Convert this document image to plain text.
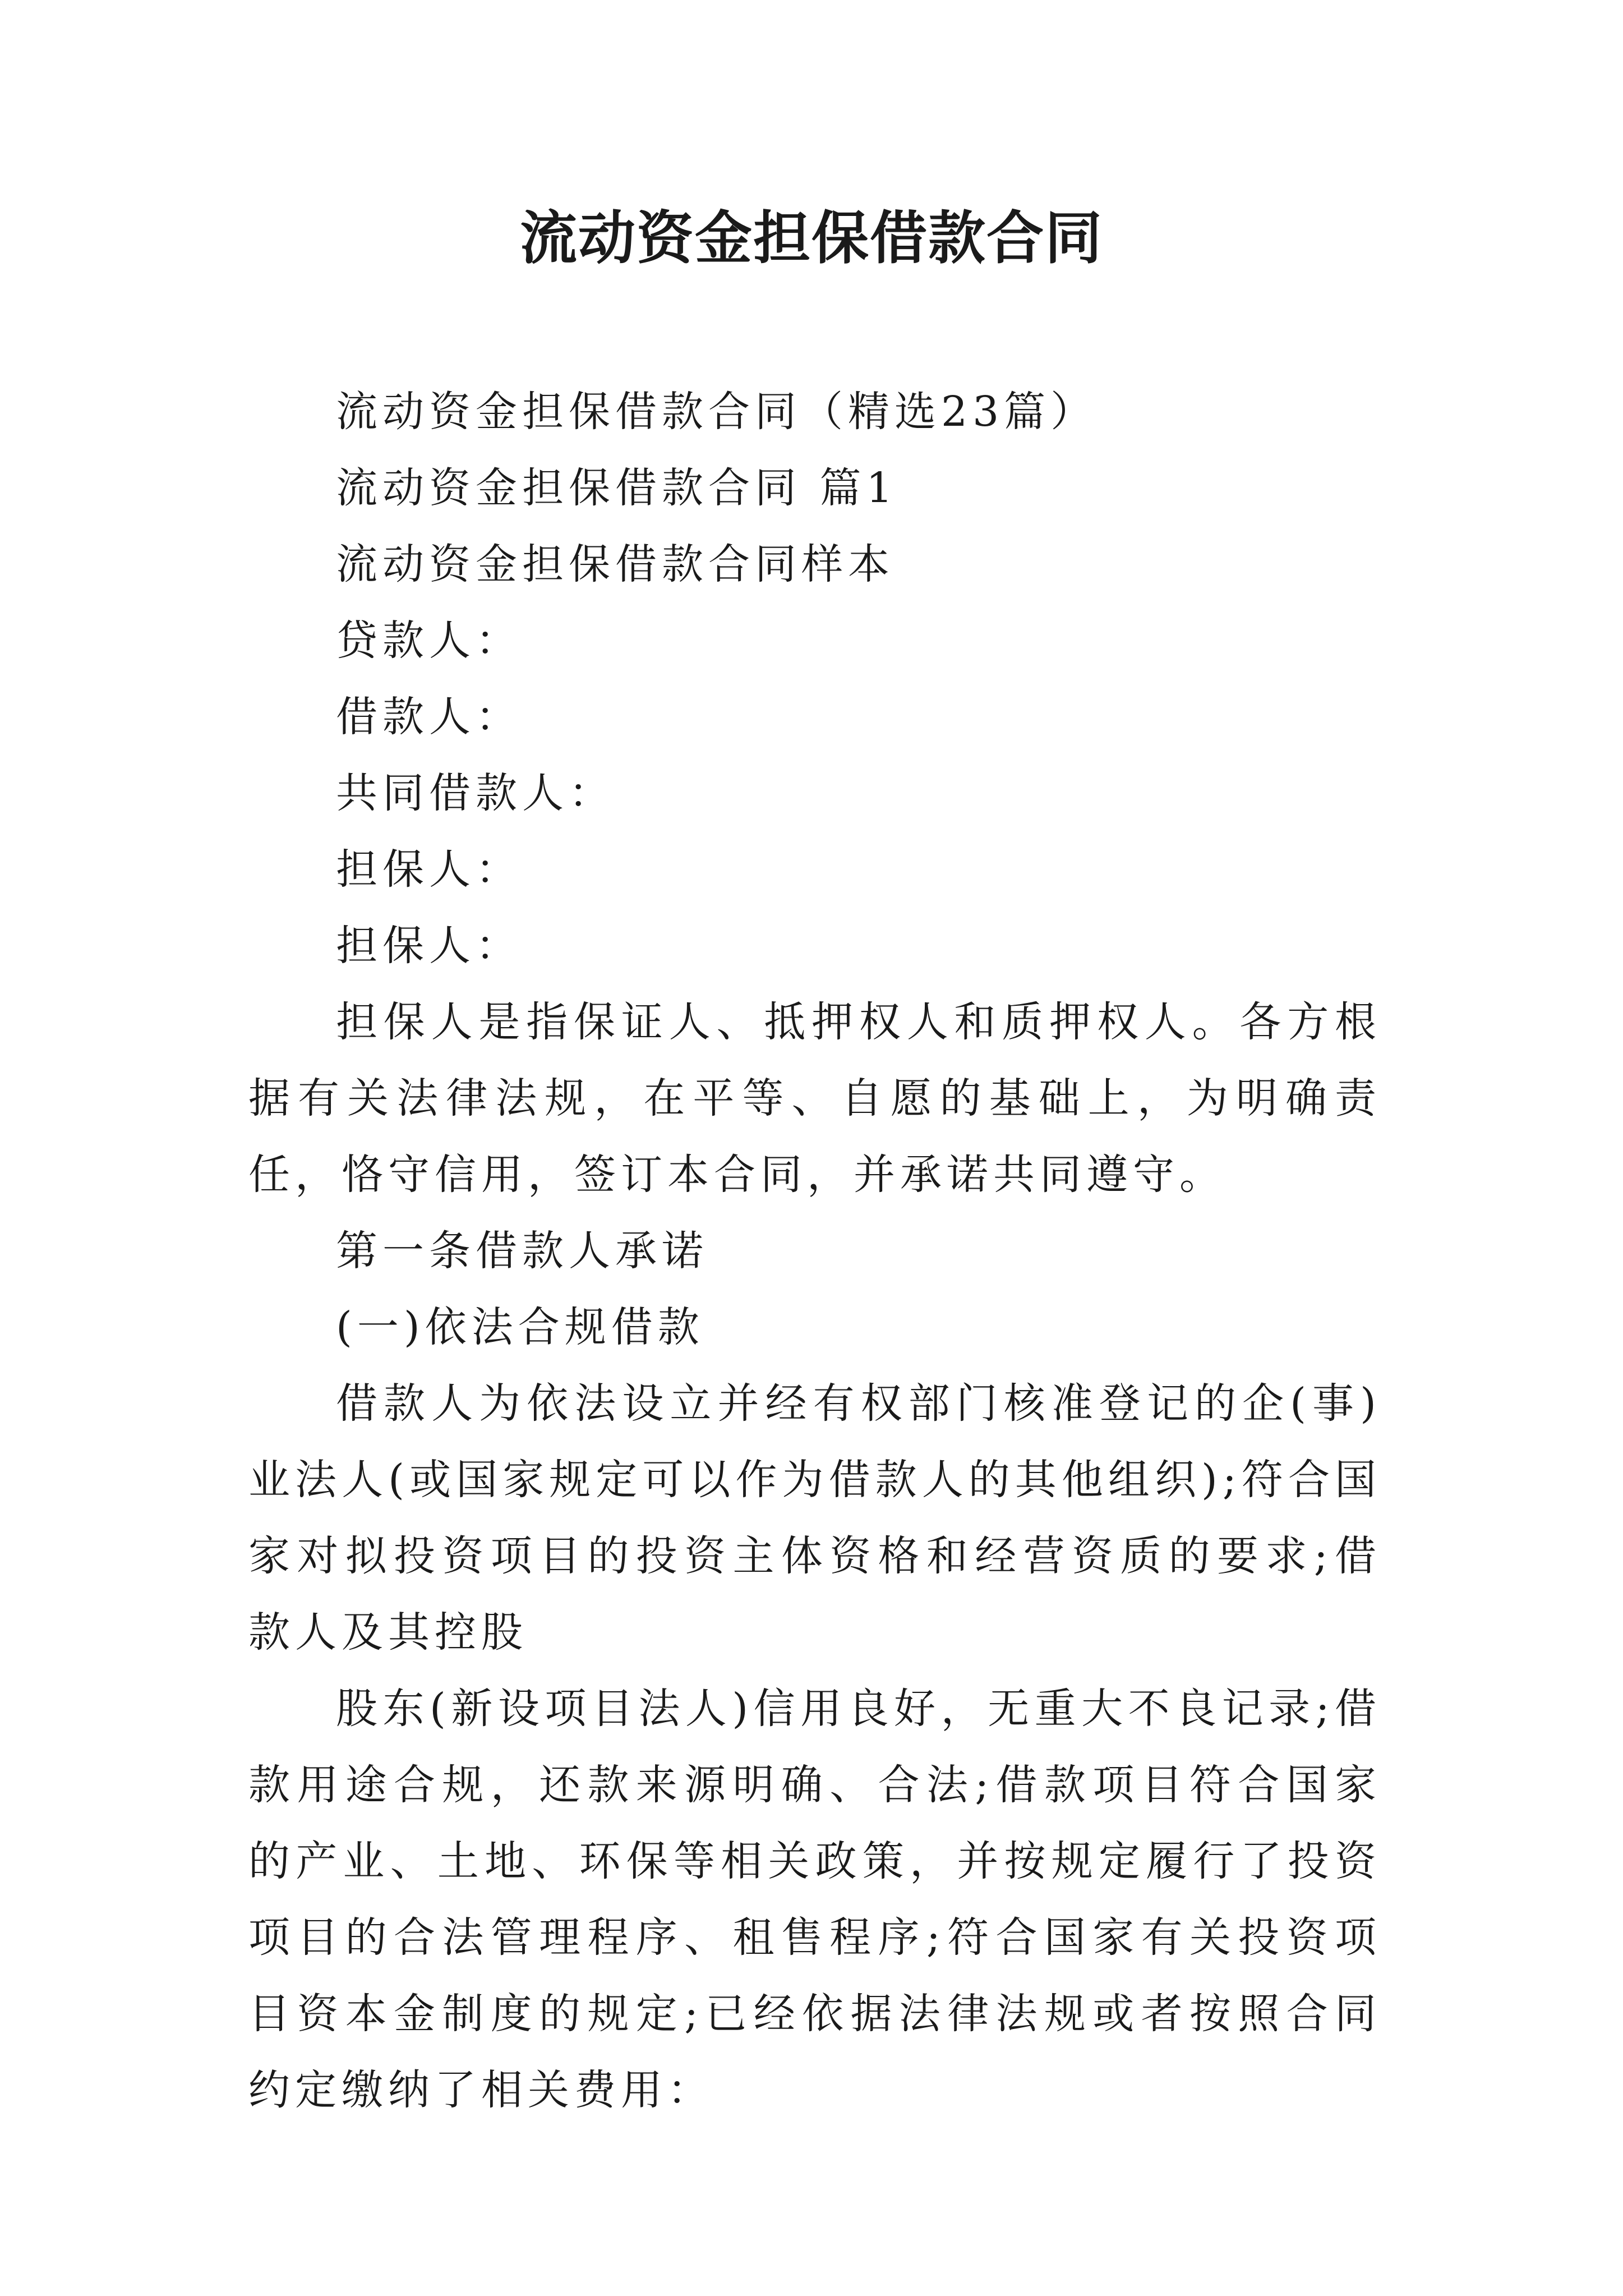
流动资金担保借款合同

流动资金担保借款合同（精选23篇）

流动资金担保借款合同 篇1

流动资金担保借款合同样本

贷款人：

借款人：

共同借款人：

担保人：

担保人：

担保人是指保证人、抵押权人和质押权人。各方根据有关法律法规，在平等、自愿的基础上，为明确责任，恪守信用，签订本合同，并承诺共同遵守。

第一条借款人承诺

(一)依法合规借款

借款人为依法设立并经有权部门核准登记的企(事)业法人(或国家规定可以作为借款人的其他组织);符合国家对拟投资项目的投资主体资格和经营资质的要求;借款人及其控股

股东(新设项目法人)信用良好，无重大不良记录;借款用途合规，还款来源明确、合法;借款项目符合国家的产业、土地、环保等相关政策，并按规定履行了投资项目的合法管理程序、租售程序;符合国家有关投资项目资本金制度的规定;已经依据法律法规或者按照合同约定缴纳了相关费用：
